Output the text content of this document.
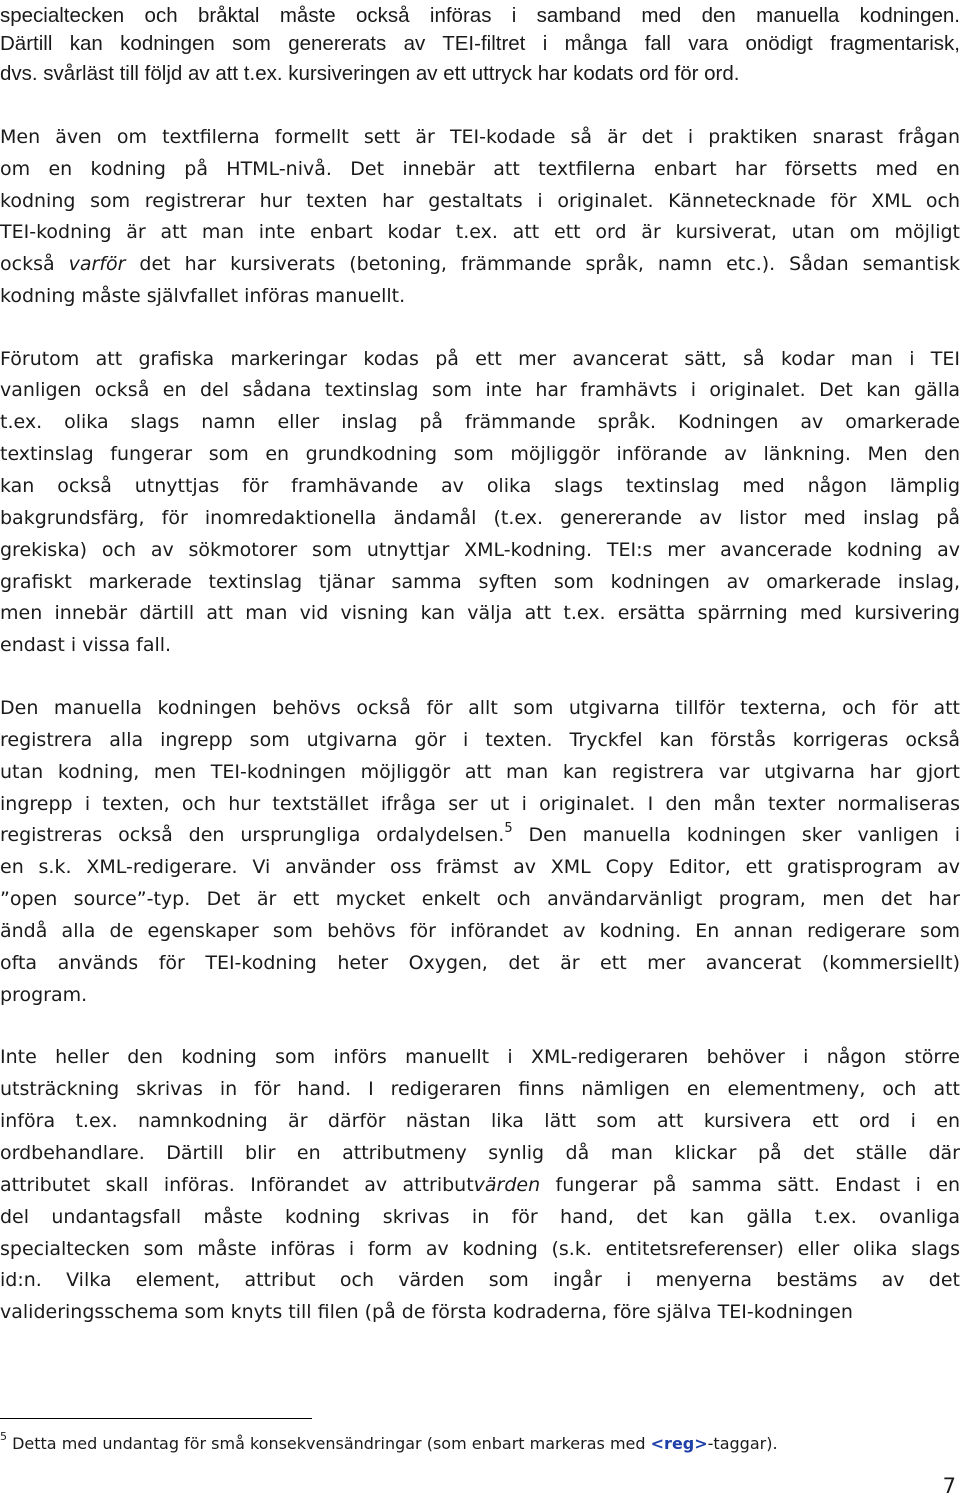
specialtecken och bråktal måste också införas i samband med den manuella kodningen.
Därtill kan kodningen som genererats av TEI-filtret i många fall vara onödigt fragmentarisk,
dvs. svårläst till följd av att t.ex. kursiveringen av ett uttryck har kodats ord för ord.
Men även om textfilerna formellt sett är TEI-kodade så är det i praktiken snarast frågan
om en kodning på HTML-nivå. Det innebär att textfilerna enbart har försetts med en
kodning som registrerar hur texten har gestaltats i originalet. Kännetecknade för XML och
TEI-kodning är att man inte enbart kodar t.ex. att ett ord är kursiverat, utan om möjligt
också varför det har kursiverats (betoning, främmande språk, namn etc.). Sådan semantisk
kodning måste självfallet införas manuellt.
Förutom att grafiska markeringar kodas på ett mer avancerat sätt, så kodar man i TEI
vanligen också en del sådana textinslag som inte har framhävts i originalet. Det kan gälla
t.ex. olika slags namn eller inslag på främmande språk. Kodningen av omarkerade
textinslag fungerar som en grundkodning som möjliggör införande av länkning. Men den
kan också utnyttjas för framhävande av olika slags textinslag med någon lämplig
bakgrundsfärg, för inomredaktionella ändamål (t.ex. genererande av listor med inslag på
grekiska) och av sökmotorer som utnyttjar XML-kodning. TEI:s mer avancerade kodning av
grafiskt markerade textinslag tjänar samma syften som kodningen av omarkerade inslag,
men innebär därtill att man vid visning kan välja att t.ex. ersätta spärrning med kursivering
endast i vissa fall.
Den manuella kodningen behövs också för allt som utgivarna tillför texterna, och för att
registrera alla ingrepp som utgivarna gör i texten. Tryckfel kan förstås korrigeras också
utan kodning, men TEI-kodningen möjliggör att man kan registrera var utgivarna har gjort
ingrepp i texten, och hur textstället ifråga ser ut i originalet. I den mån texter normaliseras
registreras också den ursprungliga ordalydelsen.$^5$ Den manuella kodningen sker vanligen i
en s.k. XML-redigerare. Vi använder oss främst av XML Copy Editor, ett gratisprogram av
”open source”-typ. Det är ett mycket enkelt och användarvänligt program, men det har
ändå alla de egenskaper som behövs för införandet av kodning. En annan redigerare som
ofta används för TEI-kodning heter Oxygen, det är ett mer avancerat (kommersiellt)
program.
Inte heller den kodning som införs manuellt i XML-redigeraren behöver i någon större
utsträckning skrivas in för hand. I redigeraren finns nämligen en elementmeny, och att
införa t.ex. namnkodning är därför nästan lika lätt som att kursivera ett ord i en
ordbehandlare. Därtill blir en attributmeny synlig då man klickar på det ställe där
attributet skall införas. Införandet av attributvärden fungerar på samma sätt. Endast i en
del undantagsfall måste kodning skrivas in för hand, det kan gälla t.ex. ovanliga
specialtecken som måste införas i form av kodning (s.k. entitetsreferenser) eller olika slags
id:n. Vilka element, attribut och värden som ingår i menyerna bestäms av det
valideringsschema som knyts till filen (på de första kodraderna, före själva TEI-kodningen
$^5$ Detta med undantag för små konsekvensändringar (som enbart markeras med <reg>-taggar).
7
